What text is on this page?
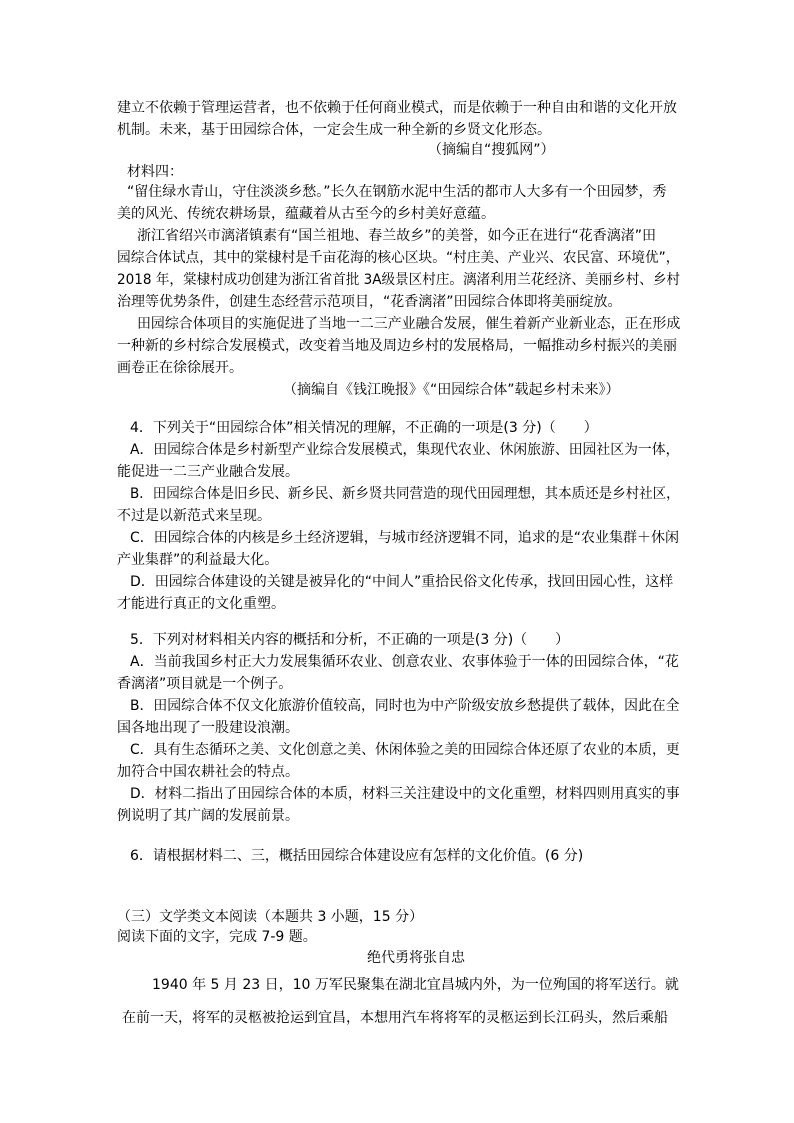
建立不依赖于管理运营者，也不依赖于任何商业模式，而是依赖于一种自由和谐的文化开放
机制。未来，基于田园综合体，一定会生成一种全新的乡贤文化形态。
（摘编自“搜狐网”）
材料四：
“留住绿水青山，守住淡淡乡愁。”长久在钢筋水泥中生活的都市人大多有一个田园梦，秀
美的风光、传统农耕场景，蕴藏着从古至今的乡村美好意蕴。
浙江省绍兴市漓渚镇素有“国兰祖地、春兰故乡”的美誉，如今正在进行“花香漓渚”田
园综合体试点，其中的棠棣村是千亩花海的核心区块。“村庄美、产业兴、农民富、环境优”，
2018 年，棠棣村成功创建为浙江省首批 3A级景区村庄。漓渚利用兰花经济、美丽乡村、乡村
治理等优势条件，创建生态经营示范项目，“花香漓渚”田园综合体即将美丽绽放。
田园综合体项目的实施促进了当地一二三产业融合发展，催生着新产业新业态，正在形成
一种新的乡村综合发展模式，改变着当地及周边乡村的发展格局，一幅推动乡村振兴的美丽
画卷正在徐徐展开。
（摘编自《钱江晚报》《“田园综合体”载起乡村未来》）
4．下列关于“田园综合体”相关情况的理解，不正确的一项是(3 分)（　　）
A．田园综合体是乡村新型产业综合发展模式，集现代农业、休闲旅游、田园社区为一体，
能促进一二三产业融合发展。
B．田园综合体是旧乡民、新乡民、新乡贤共同营造的现代田园理想，其本质还是乡村社区，
不过是以新范式来呈现。
C．田园综合体的内核是乡土经济逻辑，与城市经济逻辑不同，追求的是“农业集群＋休闲
产业集群”的利益最大化。
D．田园综合体建设的关键是被异化的“中间人”重拾民俗文化传承，找回田园心性，这样
才能进行真正的文化重塑。
5．下列对材料相关内容的概括和分析，不正确的一项是(3 分)（　　）
A．当前我国乡村正大力发展集循环农业、创意农业、农事体验于一体的田园综合体，“花
香漓渚”项目就是一个例子。
B．田园综合体不仅文化旅游价值较高，同时也为中产阶级安放乡愁提供了载体，因此在全
国各地出现了一股建设浪潮。
C．具有生态循环之美、文化创意之美、休闲体验之美的田园综合体还原了农业的本质，更
加符合中国农耕社会的特点。
D．材料二指出了田园综合体的本质，材料三关注建设中的文化重塑，材料四则用真实的事
例说明了其广阔的发展前景。
6．请根据材料二、三，概括田园综合体建设应有怎样的文化价值。(6 分)
（三）文学类文本阅读（本题共 3 小题，15 分）
阅读下面的文字，完成 7-9 题。
绝代勇将张自忠
1940 年 5 月 23 日，10 万军民聚集在湖北宜昌城内外，为一位殉国的将军送行。就
在前一天，将军的灵柩被抢运到宜昌，本想用汽车将将军的灵柩运到长江码头，然后乘船
